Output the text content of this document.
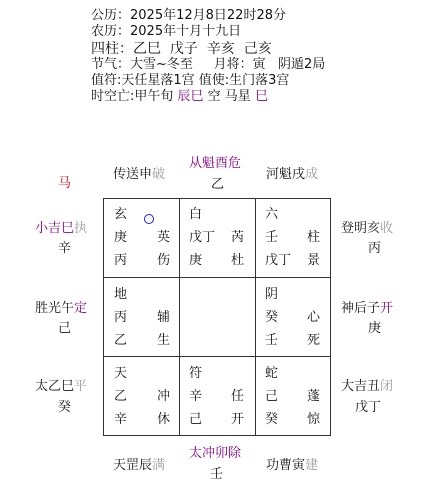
公历：2025年12月8日22时28分
农历：2025年十月十九日
四柱：乙巳 戊子 辛亥 己亥
节气：大雪~冬至 月将：寅 阴遁2局
值符:天任星落1宫 值使:生门落3宫
时空亡:甲午旬 辰巳 空 马星 巳
传送申破
从魁酉危
乙
河魁戌成
马
小吉巳执
辛
胜光午定
己
太乙巳平
癸
登明亥收
丙
神后子开
庚
大吉丑闭
戊丁
天罡辰满
太冲卯除
壬
功曹寅建
玄
庚 英
丙 伤
白
戊丁 芮
庚 杜
六
壬 柱
戊丁 景
地
丙 辅
乙 生
阴
癸 心
壬 死
天
乙 冲
辛 休
符
辛 任
己 开
蛇
己 蓬
癸 惊
